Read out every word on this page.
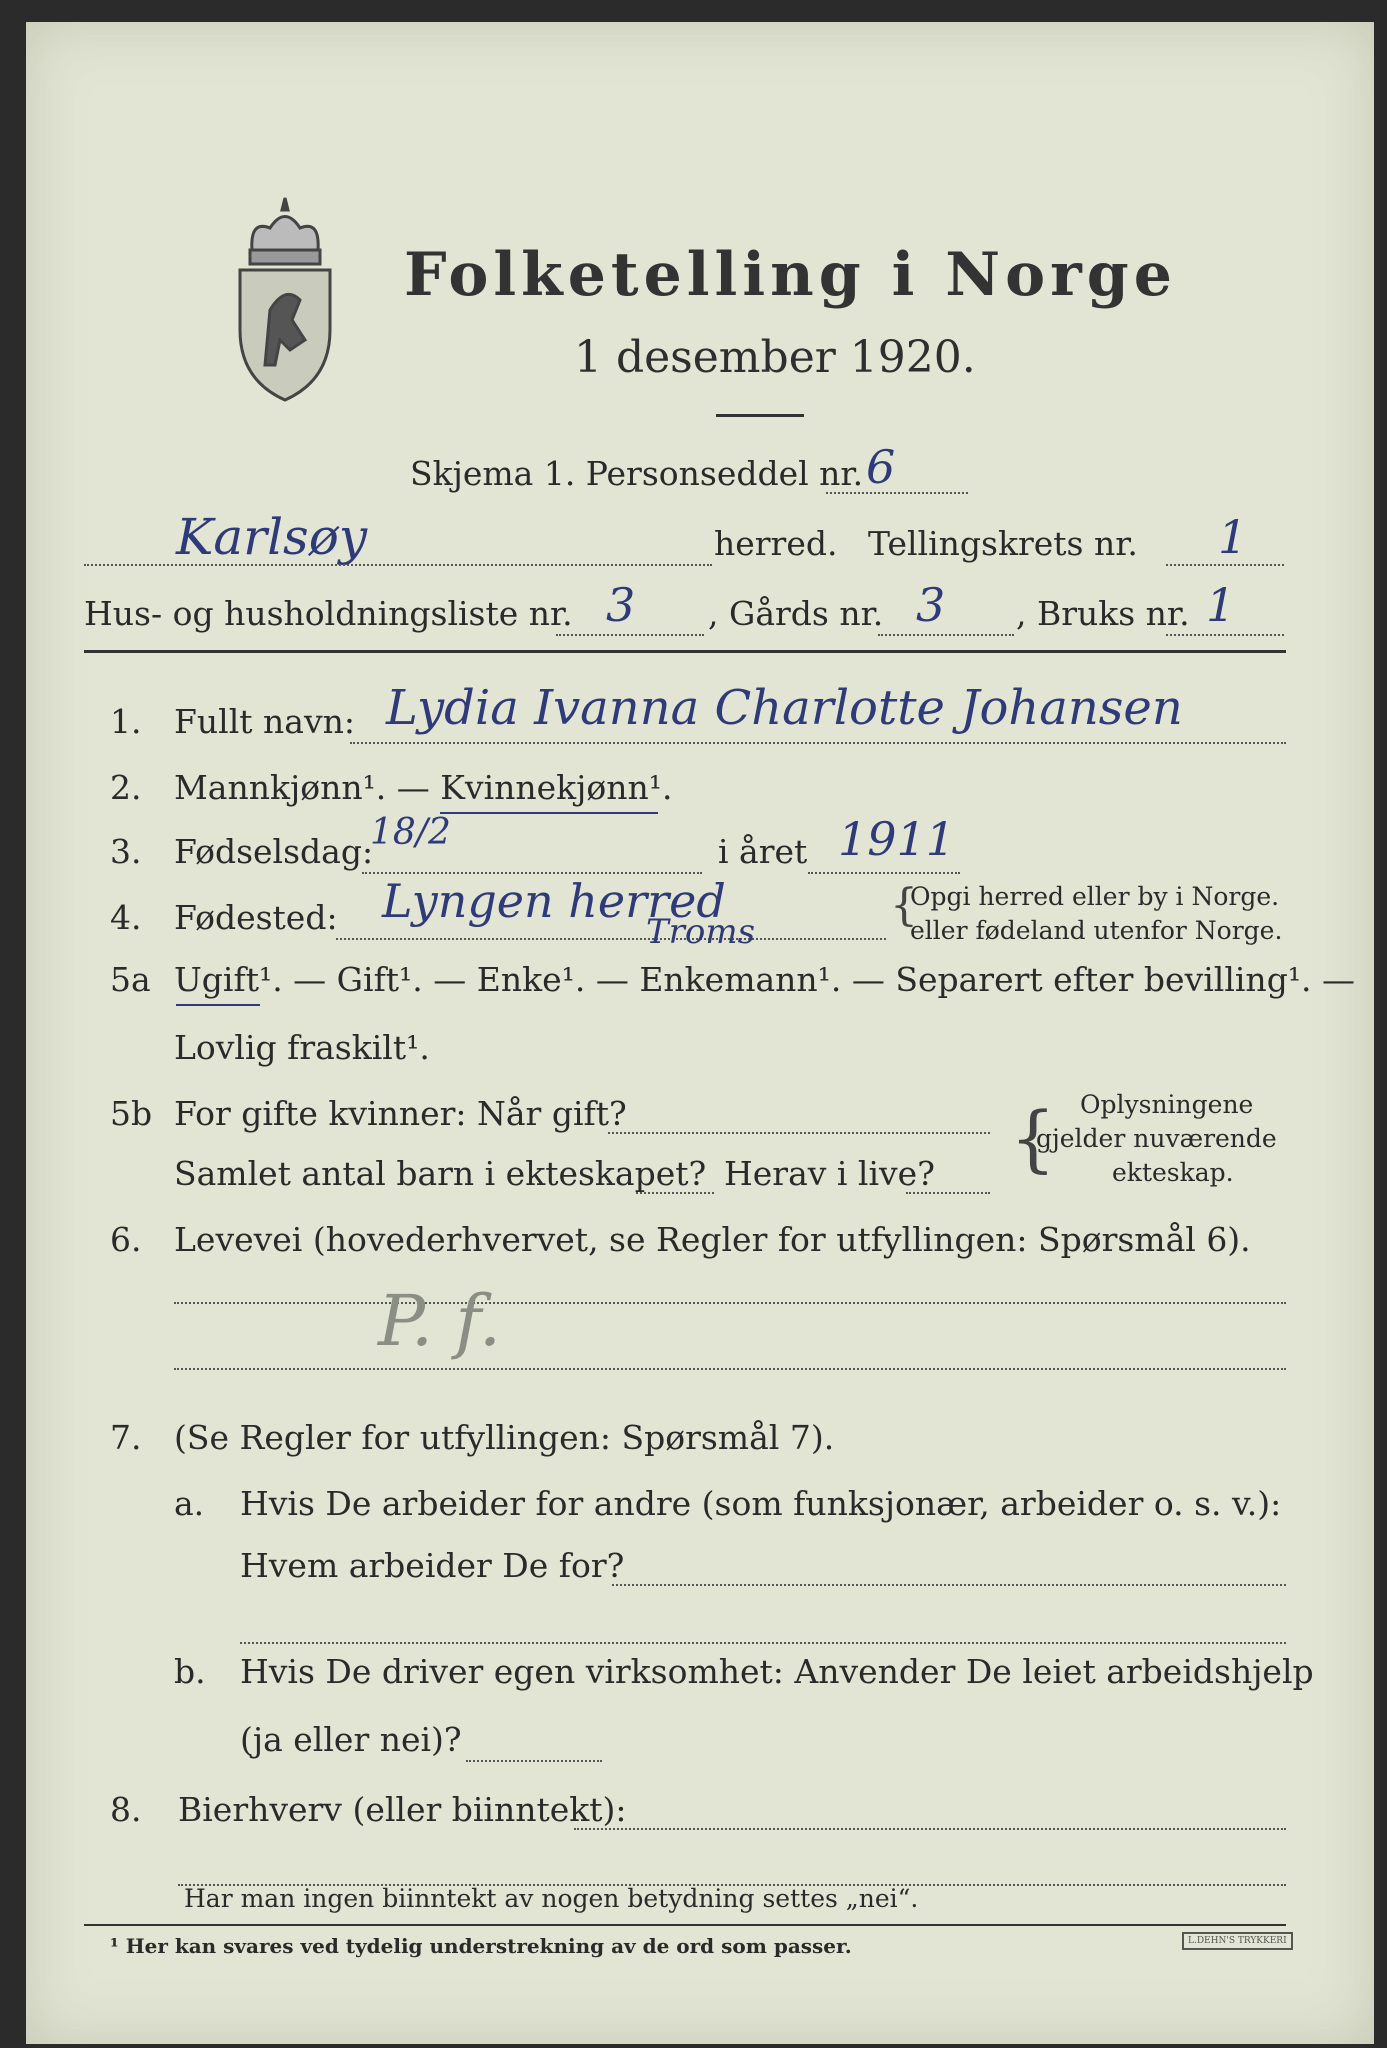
Folketelling i Norge
1 desember 1920.
Skjema 1. Personseddel nr. 6
Karlsøy	herred. Tellingskrets nr. 1
Hus- og husholdningsliste nr. 3 , Gårds nr. 3 , Bruks nr. 1
1. Fullt navn: Lydia Ivanna Charlotte Johansen
2. Mannkjønn¹. — Kvinnekjønn¹.
3. Fødselsdag:
18/2	i året 1911
4. Fødested: Lyngen herred
Troms
{
Opgi herred eller by i Norge.
eller fødeland utenfor Norge.
5a Ugift¹. — Gift¹. — Enke¹. — Enkemann¹. — Separert efter bevilling¹. —
Lovlig fraskilt¹.
5b For gifte kvinner: Når gift?
Samlet antal barn i ekteskapet? Herav i live? { Oplysningene
gjelder nuværende
ekteskap.
6. Levevei (hovederhvervet, se Regler for utfyllingen: Spørsmål 6).
P. f.
7. (Se Regler for utfyllingen: Spørsmål 7).
a. Hvis De arbeider for andre (som funksjonær, arbeider o. s. v.):
Hvem arbeider De for?
b. Hvis De driver egen virksomhet: Anvender De leiet arbeidshjelp
(ja eller nei)?
8. Bierhverv (eller biinntekt):
Har man ingen biinntekt av nogen betydning settes „nei“.
¹ Her kan svares ved tydelig understrekning av de ord som passer.	L.DEHN'S TRYKKERI
